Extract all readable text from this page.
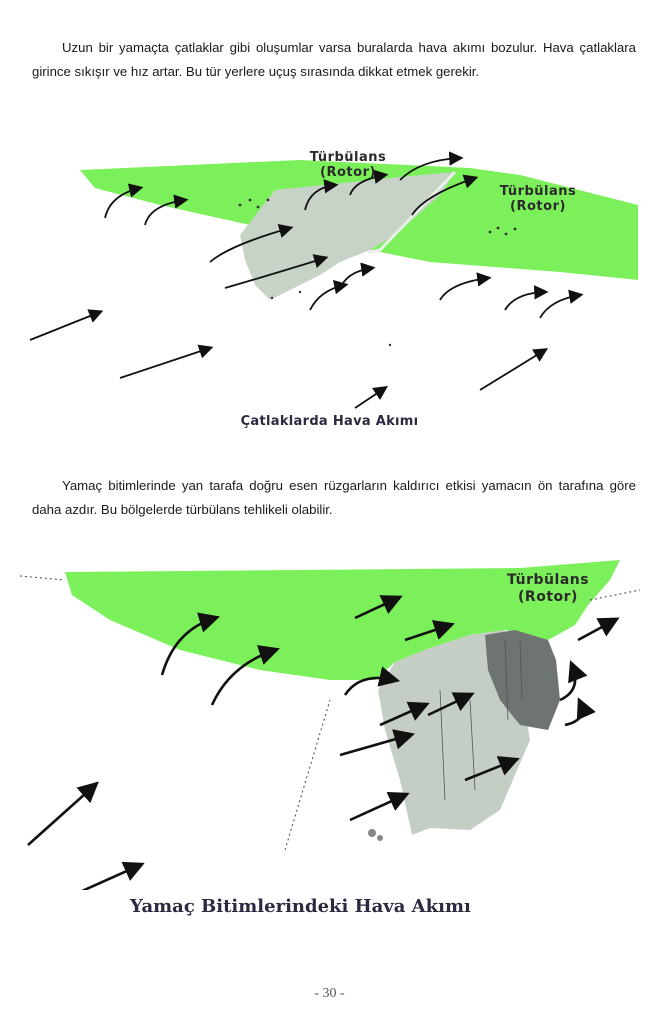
Uzun bir yamaçta çatlaklar gibi oluşumlar varsa buralarda hava akımı bozulur. Hava çatlaklara girince sıkışır ve hız artar. Bu tür yerlere uçuş sırasında dikkat etmek gerekir.

Türbülans
(Rotor)
Türbülans
(Rotor)
Çatlaklarda Hava Akımı

Yamaç bitimlerinde yan tarafa doğru esen rüzgarların kaldırıcı etkisi yamacın ön tarafına göre daha azdır. Bu bölgelerde türbülans tehlikeli olabilir.

Türbülans
(Rotor)
Yamaç Bitimlerindeki Hava Akımı
- 30 -
